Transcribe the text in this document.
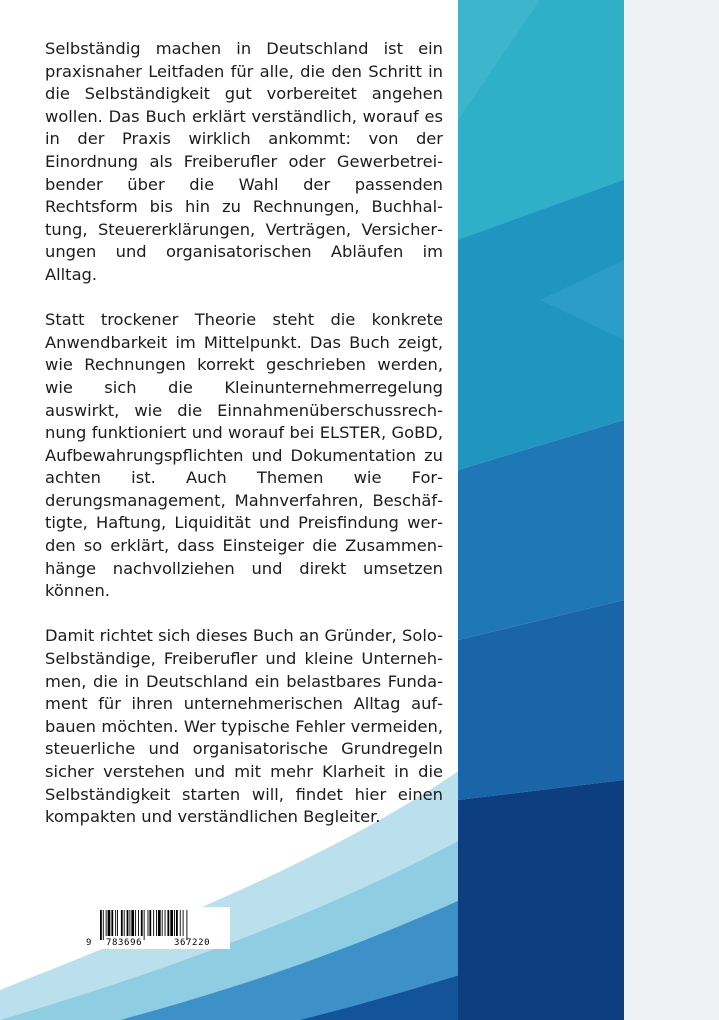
Selbständig machen in Deutschland ist ein praxisnaher Leitfaden für alle, die den Schritt in die Selbständigkeit gut vorbereitet angehen wollen. Das Buch erklärt verständlich, worauf es in der Praxis wirklich ankommt: von der Einordnung als Freiberufler oder Gewerbetreibender über die Wahl der passenden Rechtsform bis hin zu Rechnungen, Buchhaltung, Steuererklärungen, Verträgen, Versicherungen und organisatorischen Abläufen im Alltag.

Statt trockener Theorie steht die konkrete Anwendbarkeit im Mittelpunkt. Das Buch zeigt, wie Rechnungen korrekt geschrieben werden, wie sich die Kleinunternehmerregelung auswirkt, wie die Einnahmenüberschussrechnung funktioniert und worauf bei ELSTER, GoBD, Aufbewahrungspflichten und Dokumentation zu achten ist. Auch Themen wie Forderungsmanagement, Mahnverfahren, Beschäftigte, Haftung, Liquidität und Preisfindung werden so erklärt, dass Einsteiger die Zusammenhänge nachvollziehen und direkt umsetzen können.

Damit richtet sich dieses Buch an Gründer, Solo-Selbständige, Freiberufler und kleine Unternehmen, die in Deutschland ein belastbares Fundament für ihren unternehmerischen Alltag aufbauen möchten. Wer typische Fehler vermeiden, steuerliche und organisatorische Grundregeln sicher verstehen und mit mehr Klarheit in die Selbständigkeit starten will, findet hier einen kompakten und verständlichen Begleiter.

9 783696	367220
